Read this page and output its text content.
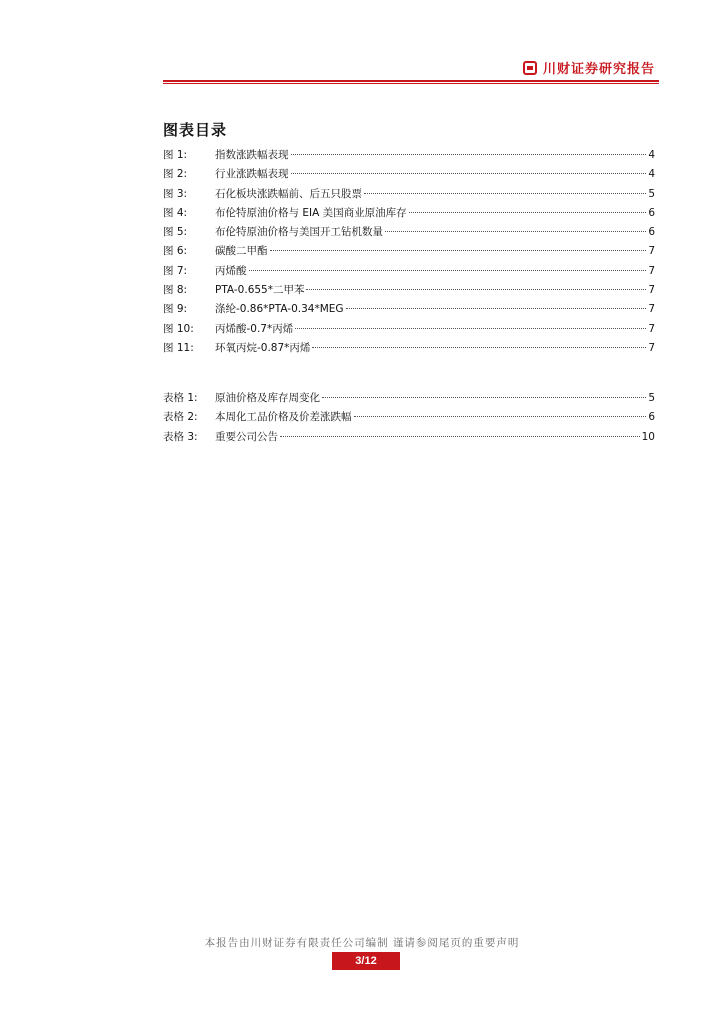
川财证券研究报告
图表目录
图 1:	指数涨跌幅表现	4
图 2:	行业涨跌幅表现	4
图 3:	石化板块涨跌幅前、后五只股票	5
图 4:	布伦特原油价格与 EIA 美国商业原油库存	6
图 5:	布伦特原油价格与美国开工钻机数量	6
图 6:	碳酸二甲酯	7
图 7:	丙烯酸	7
图 8:	PTA-0.655*二甲苯	7
图 9:	涤纶-0.86*PTA-0.34*MEG	7
图 10:	丙烯酸-0.7*丙烯	7
图 11:	环氧丙烷-0.87*丙烯	7
表格 1:	原油价格及库存周变化	5
表格 2:	本周化工品价格及价差涨跌幅	6
表格 3:	重要公司公告	10
本报告由川财证券有限责任公司编制 谨请参阅尾页的重要声明
3/12
